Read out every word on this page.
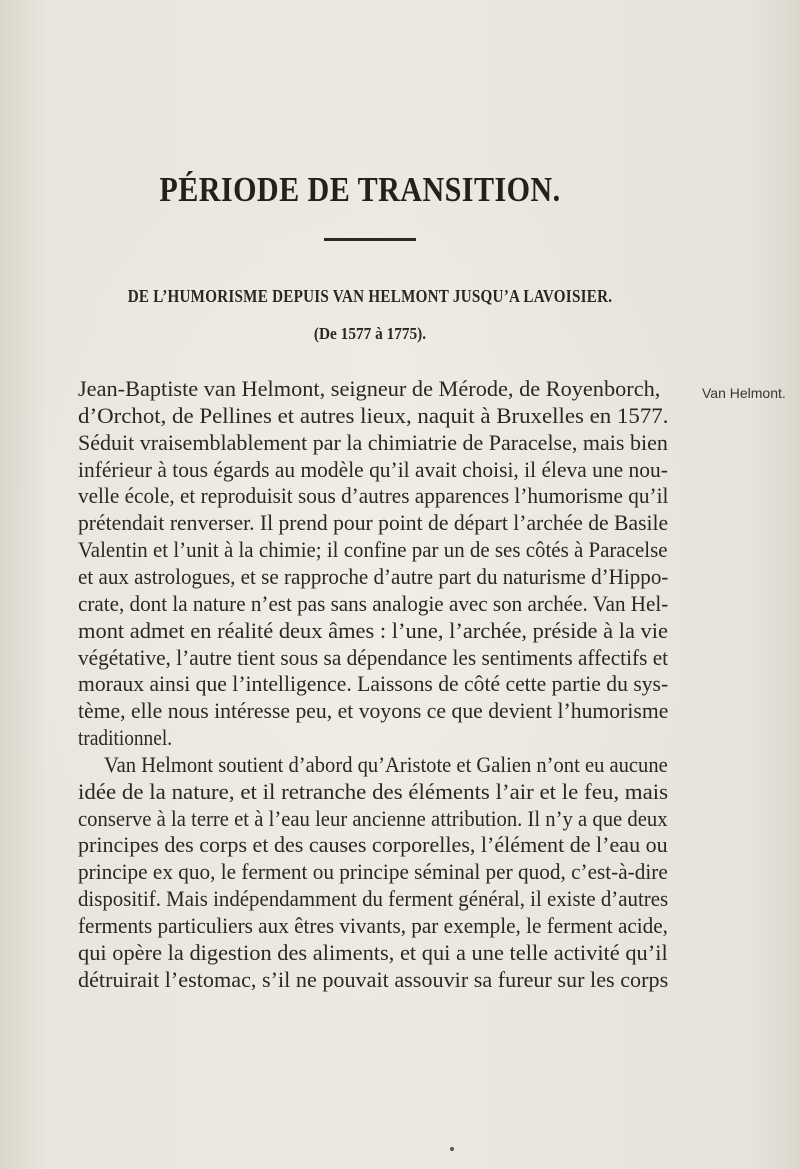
PÉRIODE DE TRANSITION.
DE L’HUMORISME DEPUIS VAN HELMONT JUSQU’A LAVOISIER.
(De 1577 à 1775).
Van Helmont.
Jean-Baptiste van Helmont, seigneur de Mérode, de Royenborch,
d’Orchot, de Pellines et autres lieux, naquit à Bruxelles en 1577.
Séduit vraisemblablement par la chimiatrie de Paracelse, mais bien
inférieur à tous égards au modèle qu’il avait choisi, il éleva une nou-
velle école, et reproduisit sous d’autres apparences l’humorisme qu’il
prétendait renverser. Il prend pour point de départ l’archée de Basile
Valentin et l’unit à la chimie; il confine par un de ses côtés à Paracelse
et aux astrologues, et se rapproche d’autre part du naturisme d’Hippo-
crate, dont la nature n’est pas sans analogie avec son archée. Van Hel-
mont admet en réalité deux âmes : l’une, l’archée, préside à la vie
végétative, l’autre tient sous sa dépendance les sentiments affectifs et
moraux ainsi que l’intelligence. Laissons de côté cette partie du sys-
tème, elle nous intéresse peu, et voyons ce que devient l’humorisme
traditionnel.
Van Helmont soutient d’abord qu’Aristote et Galien n’ont eu aucune
idée de la nature, et il retranche des éléments l’air et le feu, mais
conserve à la terre et à l’eau leur ancienne attribution. Il n’y a que deux
principes des corps et des causes corporelles, l’élément de l’eau ou
principe ex quo, le ferment ou principe séminal per quod, c’est-à-dire
dispositif. Mais indépendamment du ferment général, il existe d’autres
ferments particuliers aux êtres vivants, par exemple, le ferment acide,
qui opère la digestion des aliments, et qui a une telle activité qu’il
détruirait l’estomac, s’il ne pouvait assouvir sa fureur sur les corps
